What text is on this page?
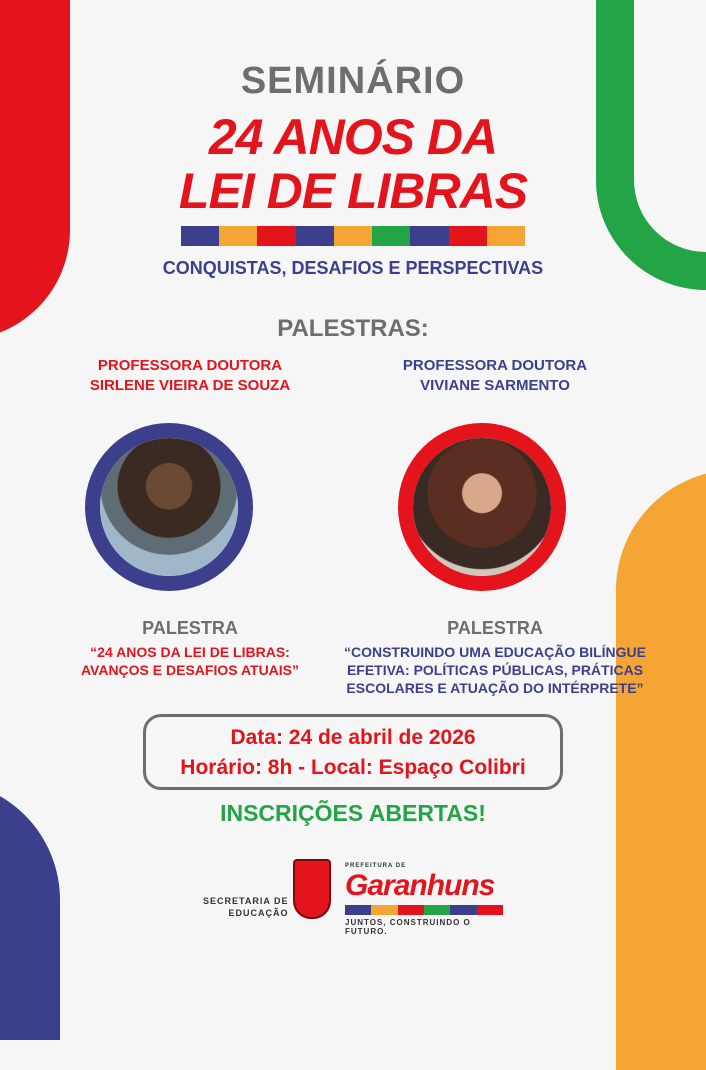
SEMINÁRIO
24 ANOS DA
LEI DE LIBRAS
CONQUISTAS, DESAFIOS E PERSPECTIVAS
PALESTRAS:
PROFESSORA DOUTORA
SIRLENE VIEIRA DE SOUZA
PROFESSORA DOUTORA
VIVIANE SARMENTO
PALESTRA
“24 ANOS DA LEI DE LIBRAS:
AVANÇOS E DESAFIOS ATUAIS”
PALESTRA
“CONSTRUINDO UMA EDUCAÇÃO BILÍNGUE
EFETIVA: POLÍTICAS PÚBLICAS, PRÁTICAS
ESCOLARES E ATUAÇÃO DO INTÉRPRETE”
Data: 24 de abril de 2026
Horário: 8h - Local: Espaço Colibri
INSCRIÇÕES ABERTAS!
SECRETARIA DE
EDUCAÇÃO
PREFEITURA DE
Garanhuns
JUNTOS, CONSTRUINDO O FUTURO.
